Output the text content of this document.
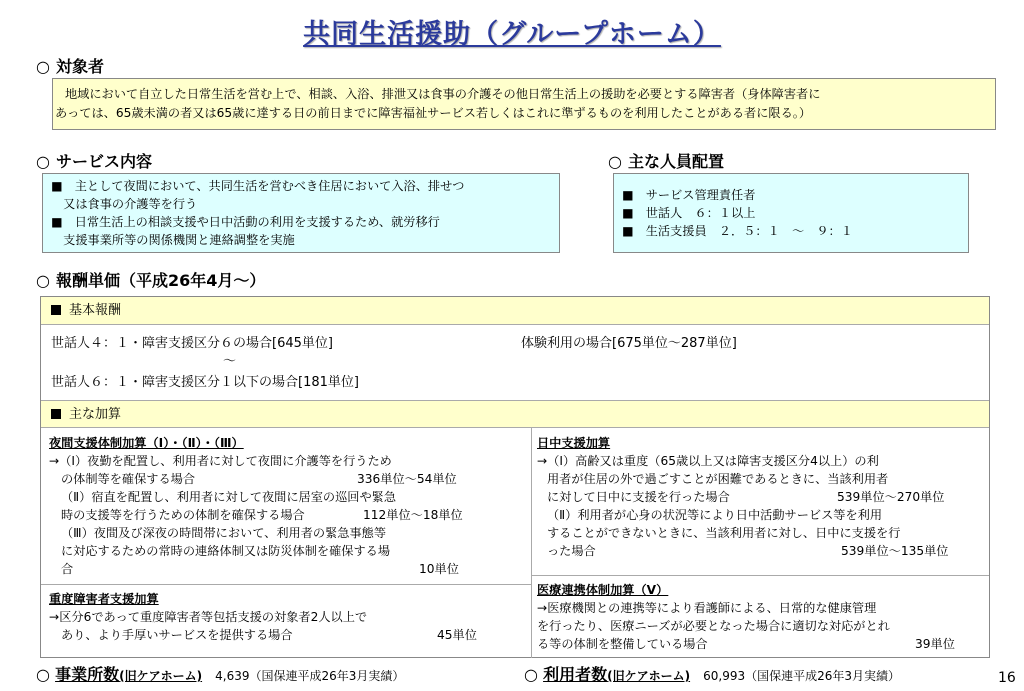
共同生活援助（グループホーム）
○ 対象者
地域において自立した日常生活を営む上で、相談、入浴、排泄又は食事の介護その他日常生活上の援助を必要とする障害者（身体障害者に
あっては、65歳未満の者又は65歳に達する日の前日までに障害福祉サービス若しくはこれに準ずるものを利用したことがある者に限る。）
○ サービス内容
■　主として夜間において、共同生活を営むべき住居において入浴、排せつ
　又は食事の介護等を行う
■　日常生活上の相談支援や日中活動の利用を支援するため、就労移行
　支援事業所等の関係機関と連絡調整を実施
○ 主な人員配置
■　サービス管理責任者
■　世話人　６：１以上
■　生活支援員　２．５：１　～　９：１
○ 報酬単価（平成26年4月～）
基本報酬
世話人４：１・障害支援区分６の場合[645単位]
～
世話人６：１・障害支援区分１以下の場合[181単位]
体験利用の場合[675単位～287単位]
主な加算
夜間支援体制加算（Ⅰ）・（Ⅱ）・（Ⅲ）
→（Ⅰ）夜勤を配置し、利用者に対して夜間に介護等を行うため
の体制等を確保する場合	336単位～54単位
（Ⅱ）宿直を配置し、利用者に対して夜間に居室の巡回や緊急
時の支援等を行うための体制を確保する場合	112単位～18単位
（Ⅲ）夜間及び深夜の時間帯において、利用者の緊急事態等
に対応するための常時の連絡体制又は防災体制を確保する場
合	10単位
重度障害者支援加算
→区分6であって重度障害者等包括支援の対象者2人以上で
あり、より手厚いサービスを提供する場合	45単位
日中支援加算
→（Ⅰ）高齢又は重度（65歳以上又は障害支援区分4以上）の利
用者が住居の外で過ごすことが困難であるときに、当該利用者
に対して日中に支援を行った場合	539単位～270単位
（Ⅱ）利用者が心身の状況等により日中活動サービス等を利用
することができないときに、当該利用者に対し、日中に支援を行
った場合	539単位～135単位
医療連携体制加算（Ⅴ）
→医療機関との連携等により看護師による、日常的な健康管理
を行ったり、医療ニーズが必要となった場合に適切な対応がとれ
る等の体制を整備している場合	39単位
○ 事業所数(旧ケアホーム) 4,639（国保連平成26年3月実績）	○ 利用者数(旧ケアホーム) 60,993（国保連平成26年3月実績）	16
